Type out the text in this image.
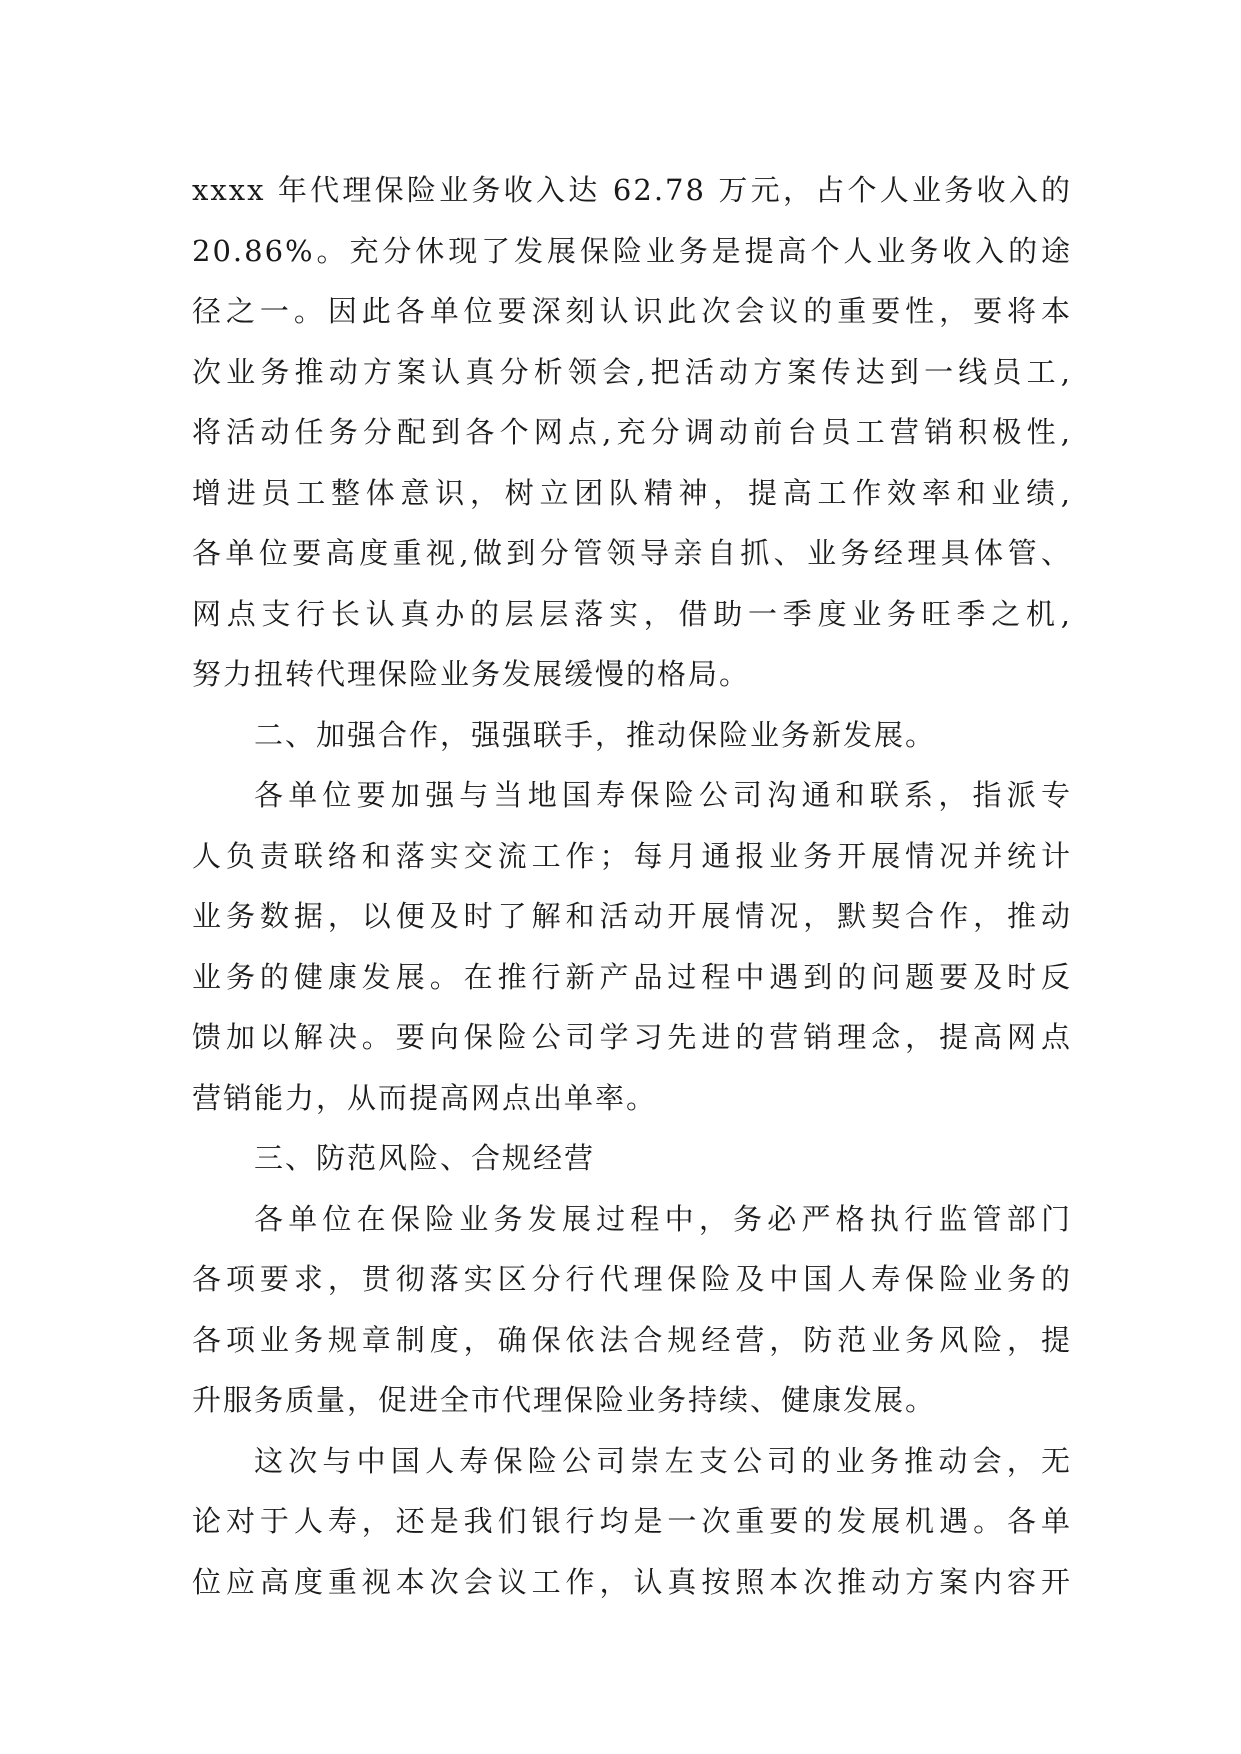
xxxx 年代理保险业务收入达 62.78 万元，占个人业务收入的
20.86%。充分休现了发展保险业务是提高个人业务收入的途
径之一。因此各单位要深刻认识此次会议的重要性，要将本
次业务推动方案认真分析领会,把活动方案传达到一线员工,
将活动任务分配到各个网点,充分调动前台员工营销积极性,
增进员工整体意识，树立团队精神，提高工作效率和业绩,
各单位要高度重视,做到分管领导亲自抓、业务经理具体管、
网点支行长认真办的层层落实，借助一季度业务旺季之机,
努力扭转代理保险业务发展缓慢的格局。
二、加强合作，强强联手，推动保险业务新发展。
各单位要加强与当地国寿保险公司沟通和联系，指派专
人负责联络和落实交流工作；每月通报业务开展情况并统计
业务数据，以便及时了解和活动开展情况，默契合作，推动
业务的健康发展。在推行新产品过程中遇到的问题要及时反
馈加以解决。要向保险公司学习先进的营销理念，提高网点
营销能力，从而提高网点出单率。
三、防范风险、合规经营
各单位在保险业务发展过程中，务必严格执行监管部门
各项要求，贯彻落实区分行代理保险及中国人寿保险业务的
各项业务规章制度，确保依法合规经营，防范业务风险，提
升服务质量，促进全市代理保险业务持续、健康发展。
这次与中国人寿保险公司崇左支公司的业务推动会，无
论对于人寿，还是我们银行均是一次重要的发展机遇。各单
位应高度重视本次会议工作，认真按照本次推动方案内容开
